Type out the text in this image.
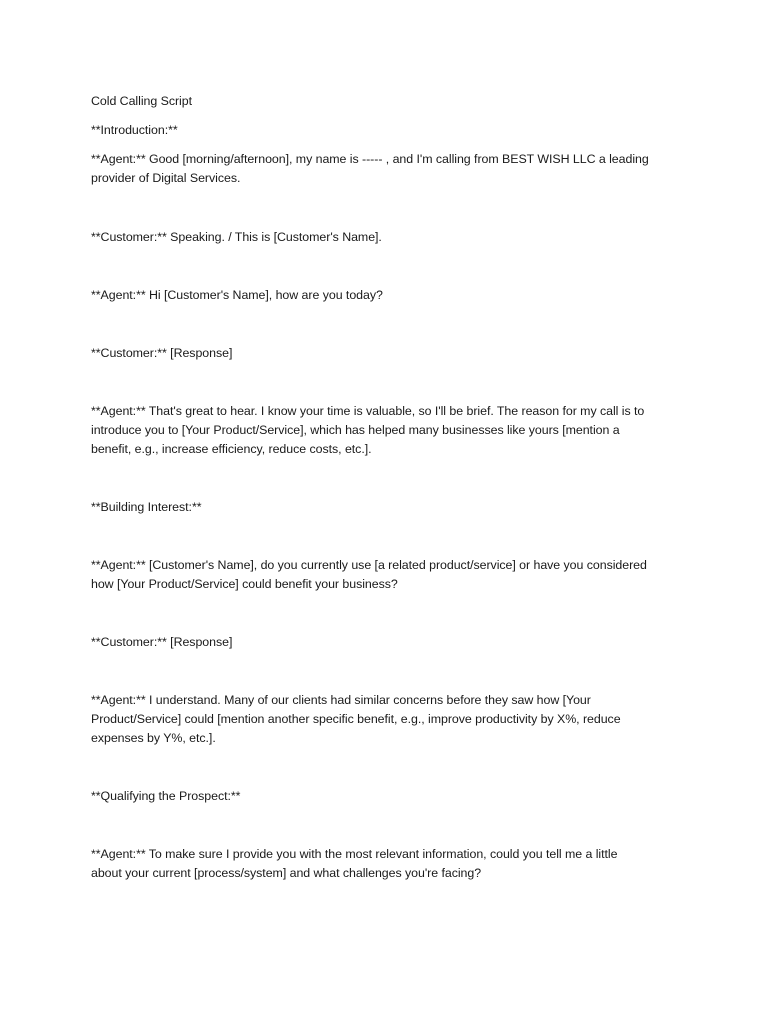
Cold Calling Script
**Introduction:**
**Agent:** Good [morning/afternoon], my name is ----- , and I'm calling from BEST WISH LLC a leading
provider of Digital Services.
**Customer:** Speaking. / This is [Customer's Name].
**Agent:** Hi [Customer's Name], how are you today?
**Customer:** [Response]
**Agent:** That's great to hear. I know your time is valuable, so I'll be brief. The reason for my call is to
introduce you to [Your Product/Service], which has helped many businesses like yours [mention a
benefit, e.g., increase efficiency, reduce costs, etc.].
**Building Interest:**
**Agent:** [Customer's Name], do you currently use [a related product/service] or have you considered
how [Your Product/Service] could benefit your business?
**Customer:** [Response]
**Agent:** I understand. Many of our clients had similar concerns before they saw how [Your
Product/Service] could [mention another specific benefit, e.g., improve productivity by X%, reduce
expenses by Y%, etc.].
**Qualifying the Prospect:**
**Agent:** To make sure I provide you with the most relevant information, could you tell me a little
about your current [process/system] and what challenges you're facing?
